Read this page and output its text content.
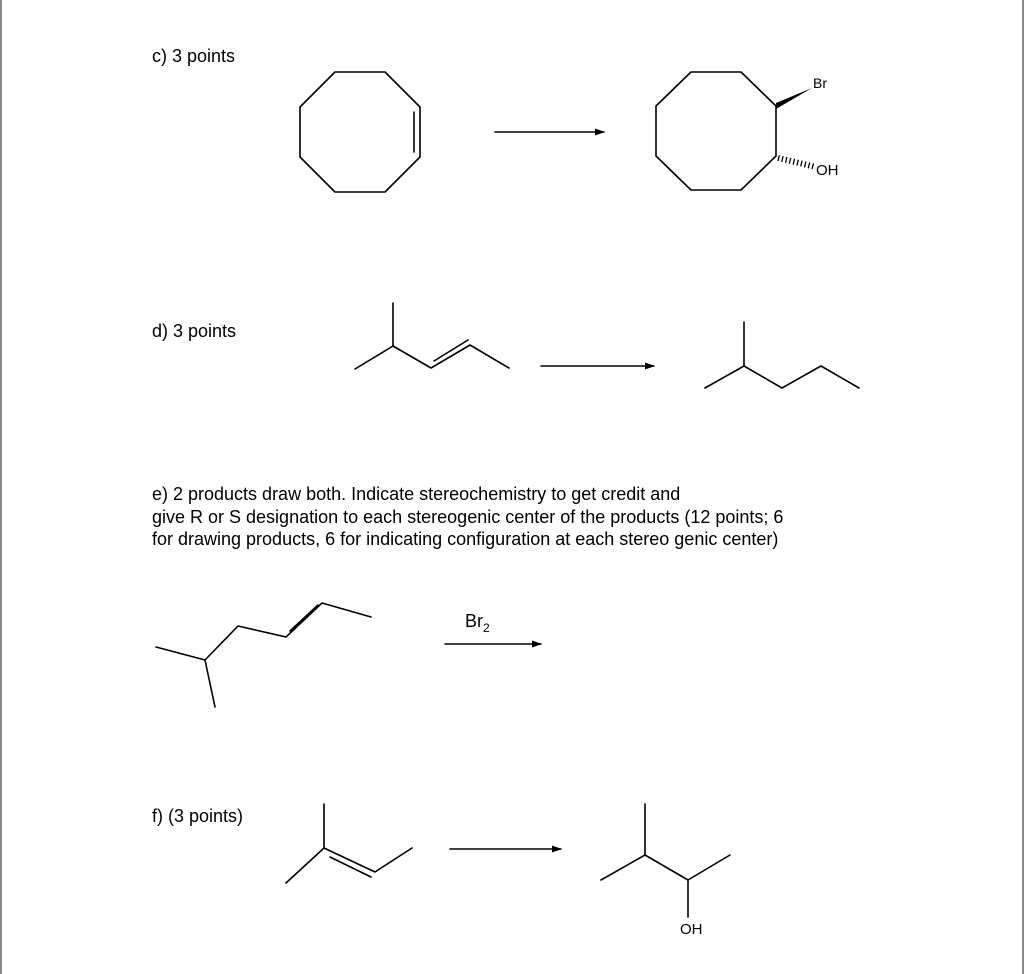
c) 3 points
d) 3 points
e) 2 products draw both. Indicate stereochemistry to get credit and
give R or S designation to each stereogenic center of the products (12 points; 6
for drawing products, 6 for indicating configuration at each stereo genic center)
f) (3 points)
Br
OH
$Br_2$
OH
